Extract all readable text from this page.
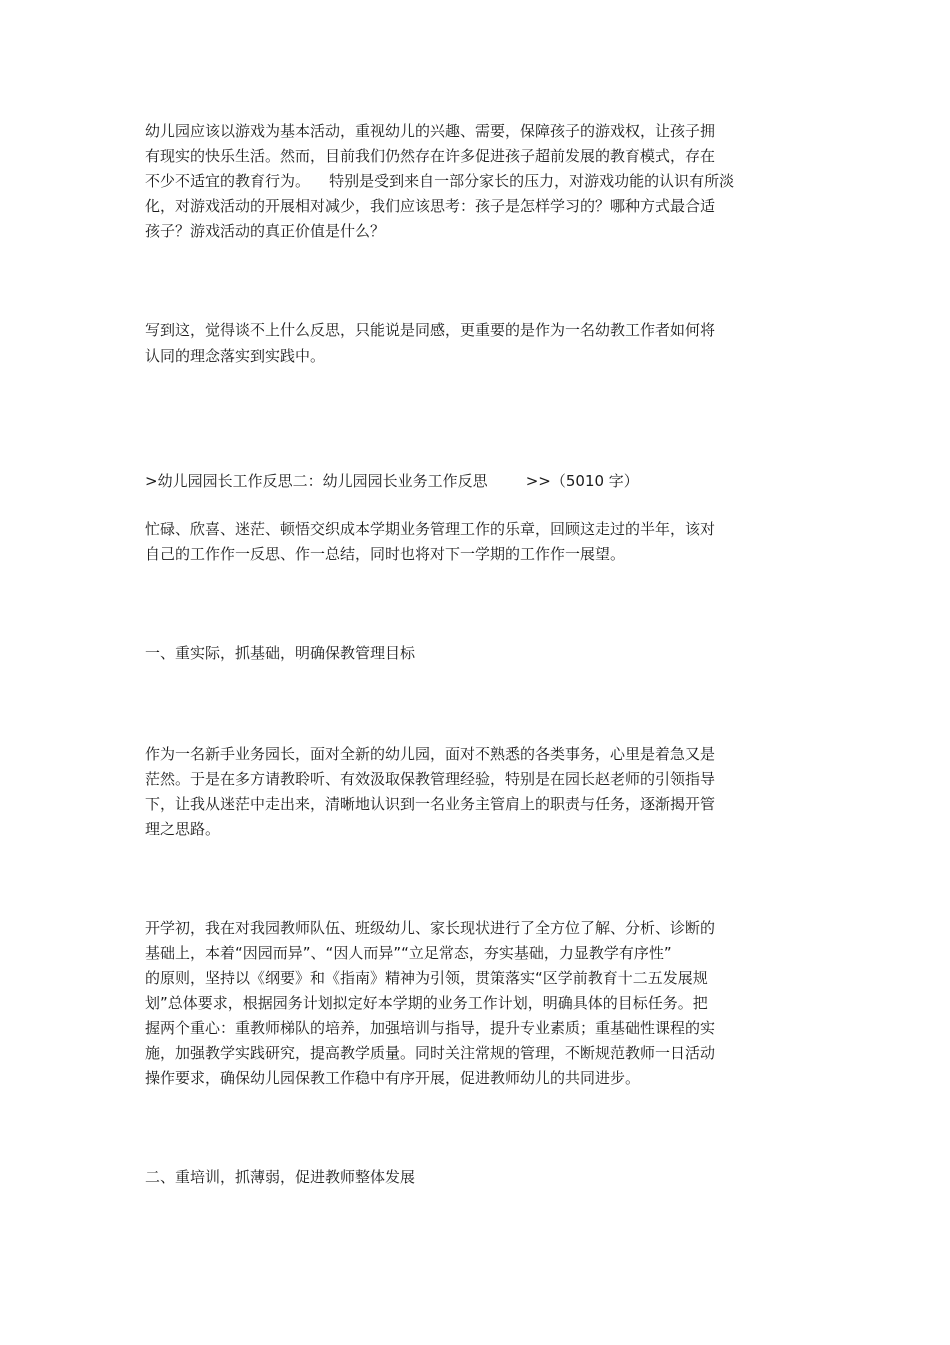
幼儿园应该以游戏为基本活动，重视幼儿的兴趣、需要，保障孩子的游戏权，让孩子拥

有现实的快乐生活。然而，目前我们仍然存在许多促进孩子超前发展的教育模式，存在

不少不适宜的教育行为。    特别是受到来自一部分家长的压力，对游戏功能的认识有所淡

化，对游戏活动的开展相对减少，我们应该思考：孩子是怎样学习的？哪种方式最合适

孩子？游戏活动的真正价值是什么？

写到这，觉得谈不上什么反思，只能说是同感，更重要的是作为一名幼教工作者如何将

认同的理念落实到实践中。

>幼儿园园长工作反思二：幼儿园园长业务工作反思        >>（5010 字）

忙碌、欣喜、迷茫、顿悟交织成本学期业务管理工作的乐章，回顾这走过的半年，该对

自己的工作作一反思、作一总结，同时也将对下一学期的工作作一展望。

一、重实际，抓基础，明确保教管理目标

作为一名新手业务园长，面对全新的幼儿园，面对不熟悉的各类事务，心里是着急又是

茫然。于是在多方请教聆听、有效汲取保教管理经验，特别是在园长赵老师的引领指导

下，让我从迷茫中走出来，清晰地认识到一名业务主管肩上的职责与任务，逐渐揭开管

理之思路。

开学初，我在对我园教师队伍、班级幼儿、家长现状进行了全方位了解、分析、诊断的

基础上，本着“因园而异”、“因人而异”“立足常态，夯实基础，力显教学有序性”

的原则，坚持以《纲要》和《指南》精神为引领，贯策落实“区学前教育十二五发展规

划”总体要求，根据园务计划拟定好本学期的业务工作计划，明确具体的目标任务。把

握两个重心：重教师梯队的培养，加强培训与指导，提升专业素质；重基础性课程的实

施，加强教学实践研究，提高教学质量。同时关注常规的管理，不断规范教师一日活动

操作要求，确保幼儿园保教工作稳中有序开展，促进教师幼儿的共同进步。

二、重培训，抓薄弱，促进教师整体发展
